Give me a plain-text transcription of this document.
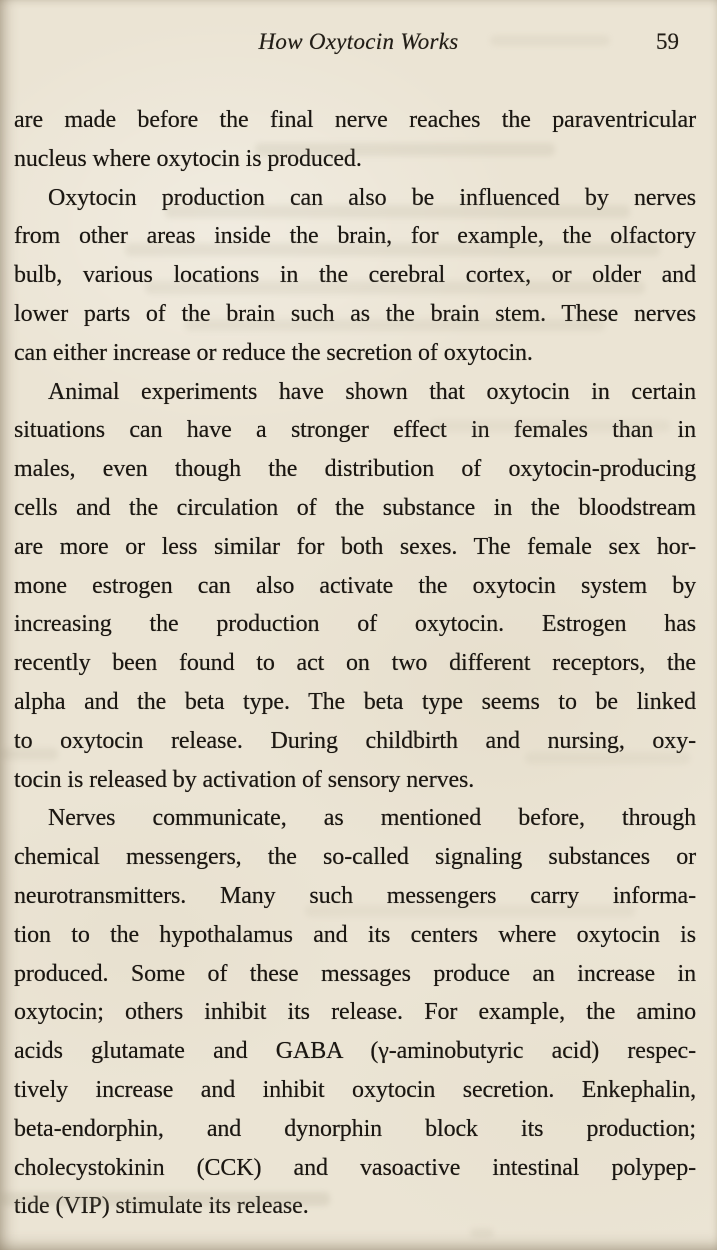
How Oxytocin Works	59
are made before the final nerve reaches the paraventricular
nucleus where oxytocin is produced.
Oxytocin production can also be influenced by nerves
from other areas inside the brain, for example, the olfactory
bulb, various locations in the cerebral cortex, or older and
lower parts of the brain such as the brain stem. These nerves
can either increase or reduce the secretion of oxytocin.
Animal experiments have shown that oxytocin in certain
situations can have a stronger effect in females than in
males, even though the distribution of oxytocin-producing
cells and the circulation of the substance in the bloodstream
are more or less similar for both sexes. The female sex hor-
mone estrogen can also activate the oxytocin system by
increasing the production of oxytocin. Estrogen has
recently been found to act on two different receptors, the
alpha and the beta type. The beta type seems to be linked
to oxytocin release. During childbirth and nursing, oxy-
tocin is released by activation of sensory nerves.
Nerves communicate, as mentioned before, through
chemical messengers, the so-called signaling substances or
neurotransmitters. Many such messengers carry informa-
tion to the hypothalamus and its centers where oxytocin is
produced. Some of these messages produce an increase in
oxytocin; others inhibit its release. For example, the amino
acids glutamate and GABA (γ-aminobutyric acid) respec-
tively increase and inhibit oxytocin secretion. Enkephalin,
beta-endorphin, and dynorphin block its production;
cholecystokinin (CCK) and vasoactive intestinal polypep-
tide (VIP) stimulate its release.
